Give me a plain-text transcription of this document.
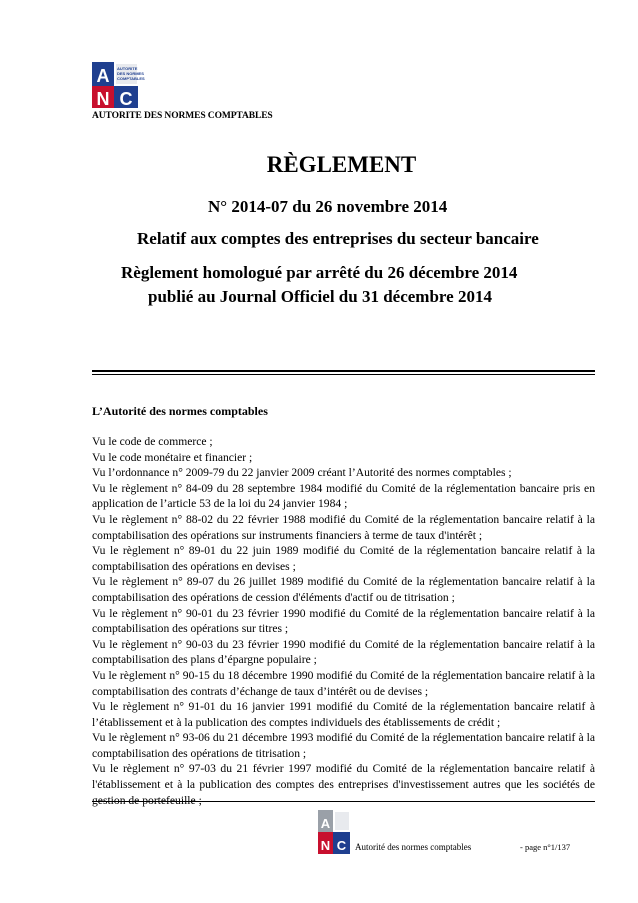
A
N C
AUTORITE
DES NORMES
COMPTABLES
AUTORITE DES NORMES COMPTABLES
RÈGLEMENT
N° 2014-07 du 26 novembre 2014
Relatif aux comptes des entreprises du secteur bancaire
Règlement homologué par arrêté du 26 décembre 2014
publié au Journal Officiel du 31 décembre 2014
L’Autorité des normes comptables

Vu le code de commerce ;

Vu le code monétaire et financier ;

Vu l’ordonnance n° 2009-79 du 22 janvier 2009 créant l’Autorité des normes comptables ;

Vu le règlement n° 84-09 du 28 septembre 1984 modifié du Comité de la réglementation bancaire pris en application de l’article 53 de la loi du 24 janvier 1984 ;

Vu le règlement n° 88-02 du 22 février 1988 modifié du Comité de la réglementation bancaire relatif à la comptabilisation des opérations sur instruments financiers à terme de taux d'intérêt ;

Vu le règlement n° 89-01 du 22 juin 1989 modifié du Comité de la réglementation bancaire relatif à la comptabilisation des opérations en devises ;

Vu le règlement n° 89-07 du 26 juillet 1989 modifié du Comité de la réglementation bancaire relatif à la comptabilisation des opérations de cession d'éléments d'actif ou de titrisation ;

Vu le règlement n° 90-01 du 23 février 1990 modifié du Comité de la réglementation bancaire relatif à la comptabilisation des opérations sur titres ;

Vu le règlement n° 90-03 du 23 février 1990 modifié du Comité de la réglementation bancaire relatif à la comptabilisation des plans d’épargne populaire ;

Vu le règlement n° 90-15 du 18 décembre 1990 modifié du Comité de la réglementation bancaire relatif à la comptabilisation des contrats d’échange de taux d’intérêt ou de devises ;

Vu le règlement n° 91-01 du 16 janvier 1991 modifié du Comité de la réglementation bancaire relatif à l’établissement et à la publication des comptes individuels des établissements de crédit ;

Vu le règlement n° 93-06 du 21 décembre 1993 modifié du Comité de la réglementation bancaire relatif à la comptabilisation des opérations de titrisation ;

Vu le règlement n° 97-03 du 21 février 1997 modifié du Comité de la réglementation bancaire relatif à l'établissement et à la publication des comptes des entreprises d'investissement autres que les sociétés de gestion de portefeuille ;

A
N C Autorité des normes comptables	- page n°1/137
